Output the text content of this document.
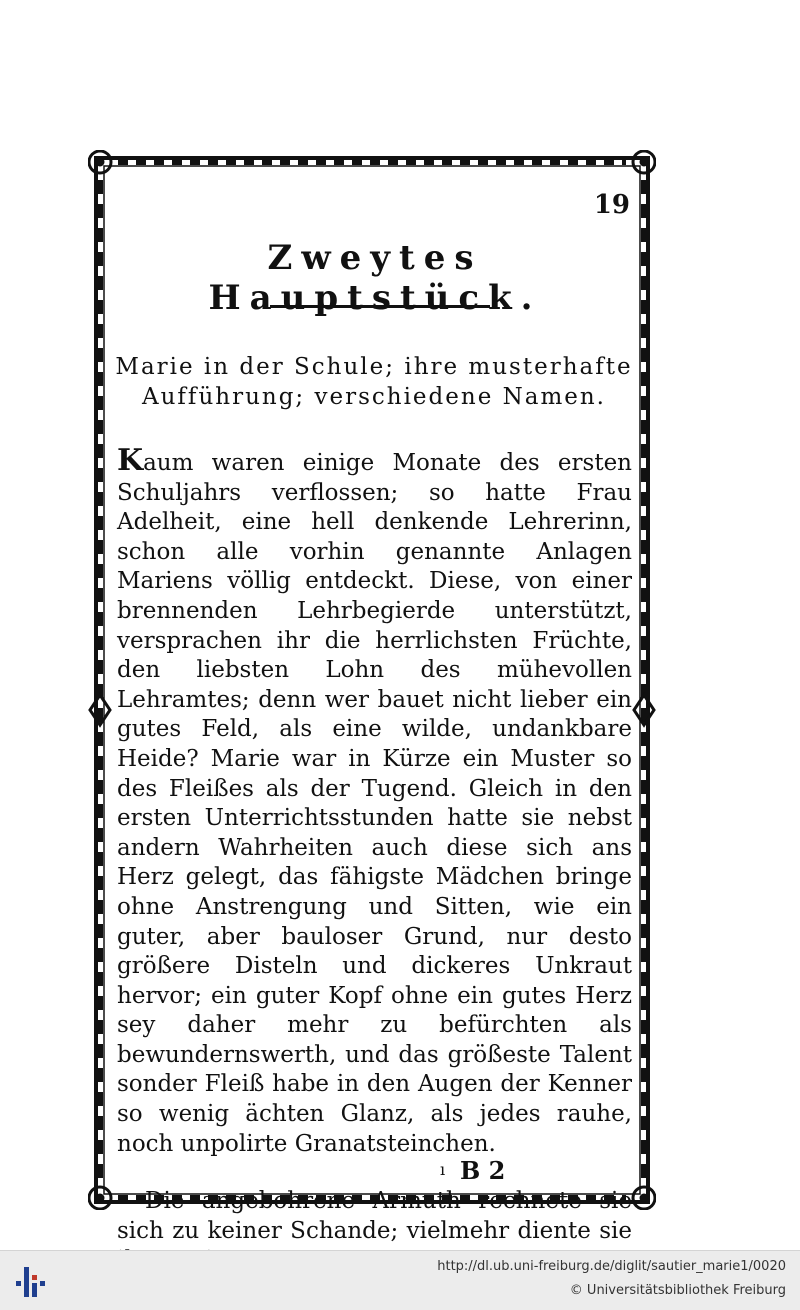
19
Zweytes Hauptstück.
Marie in der Schule; ihre musterhafte
Aufführung; verschiedene Namen.

Kaum waren einige Monate des ersten Schuljahrs verflossen; so hatte Frau Adelheit, eine hell denkende Lehrerinn, schon alle vorhin genannte Anlagen Mariens völlig entdeckt. Diese, von einer brennenden Lehrbegierde unterstützt, versprachen ihr die herrlichsten Früchte, den liebsten Lohn des mühevollen Lehramtes; denn wer bauet nicht lieber ein gutes Feld, als eine wilde, undankbare Heide? Marie war in Kürze ein Muster so des Fleißes als der Tugend. Gleich in den ersten Unterrichtsstunden hatte sie nebst andern Wahrheiten auch diese sich ans Herz gelegt, das fähigste Mädchen bringe ohne Anstrengung und Sitten, wie ein guter, aber bauloser Grund, nur desto größere Disteln und dickeres Unkraut hervor; ein guter Kopf ohne ein gutes Herz sey daher mehr zu befürchten als bewundernswerth, und das größeste Talent sonder Fleiß habe in den Augen der Kenner so wenig ächten Glanz, als jedes rauhe, noch unpolirte Granatsteinchen.

Die angebohrene Armuth rechnete sie sich zu keiner Schande; vielmehr diente sie

ı B 2
http://dl.ub.uni-freiburg.de/diglit/sautier_marie1/0020
© Universitätsbibliothek Freiburg
